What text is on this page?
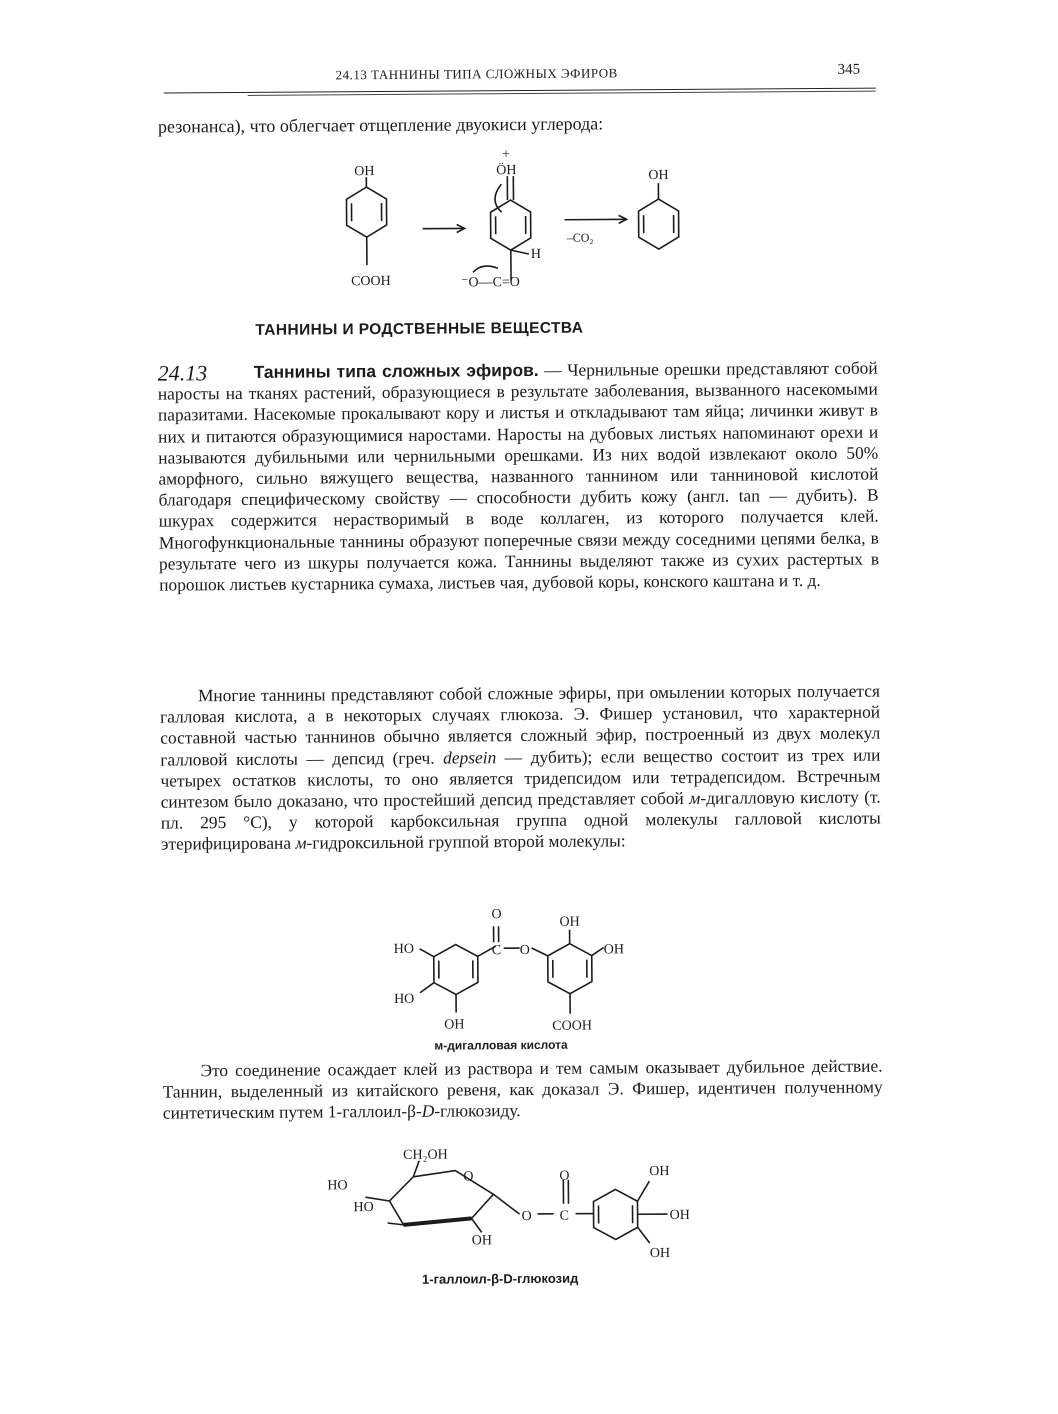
24.13 ТАННИНЫ ТИПА СЛОЖНЫХ ЭФИРОВ	345
резонанса), что облегчает отщепление двуокиси углерода:
OH
COOH
+
ÖH
H
⁻O—C=O
–CO₂
OH
ТАННИНЫ И РОДСТВЕННЫЕ ВЕЩЕСТВА
24.13	Таннины типа сложных эфиров. — Чернильные орешки представляют собой наросты на тканях растений, образующиеся в результате заболевания, вызванного насекомыми паразитами. Насекомые прокалывают кору и листья и откладывают там яйца; личинки живут в них и питаются образующимися наростами. Наросты на дубовых листьях напоминают орехи и называются дубильными или чернильными орешками. Из них водой извлекают около 50% аморфного, сильно вяжущего вещества, названного таннином или танниновой кислотой благодаря специфическому свойству — способности дубить кожу (англ. tan — дубить). В шкурах содержится нерастворимый в воде коллаген, из которого получается клей. Многофункциональные таннины образуют поперечные связи между соседними цепями белка, в результате чего из шкуры получается кожа. Таннины выделяют также из сухих растертых в порошок листьев кустарника сумаха, листьев чая, дубовой коры, конского каштана и т. д.
Многие таннины представляют собой сложные эфиры, при омылении которых получается галловая кислота, а в некоторых случаях глюкоза. Э. Фишер установил, что характерной составной частью таннинов обычно является сложный эфир, построенный из двух молекул галловой кислоты — депсид (греч. depsein — дубить); если вещество состоит из трех или четырех остатков кислоты, то оно является тридепсидом или тетрадепсидом. Встречным синтезом было доказано, что простейший депсид представляет собой м-дигалловую кислоту (т. пл. 295 °С), у которой карбоксильная группа одной молекулы галловой кислоты этерифицирована м-гидроксильной группой второй молекулы:
O
C O
HO
HO
OH
OH
OH
COOH
м-дигалловая кислота
Это соединение осаждает клей из раствора и тем самым оказывает дубильное действие. Таннин, выделенный из китайского ревеня, как доказал Э. Фишер, идентичен полученному синтетическим путем 1-галлоил-β-D-глюкозиду.
CH₂OH
HO
HO
O
OH
O
O
C
OH
OH
OH
1-галлоил-β-D-глюкозид
